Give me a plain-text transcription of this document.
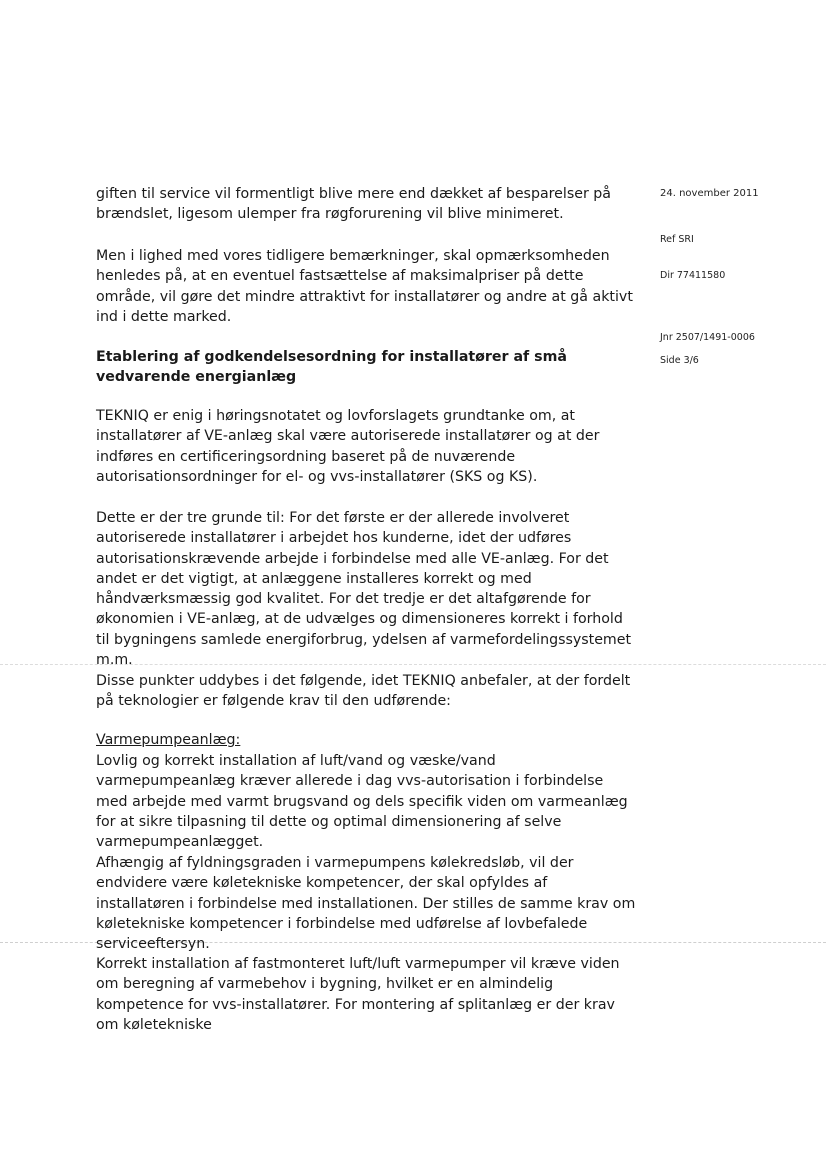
giften til service vil formentligt blive mere end dækket af besparelser på brændslet, ligesom ulemper fra røgforurening vil blive minimeret.

Men i lighed med vores tidligere bemærkninger, skal opmærksomheden henledes på, at en eventuel fastsættelse af maksimalpriser på dette område, vil gøre det mindre attraktivt for installatører og andre at gå aktivt ind i dette marked.

Etablering af godkendelsesordning for installatører af små vedvarende energianlæg

TEKNIQ er enig i høringsnotatet og lovforslagets grundtanke om, at installatører af VE-anlæg skal være autoriserede installatører og at der indføres en certificeringsordning baseret på de nuværende autorisationsordninger for el- og vvs-installatører (SKS og KS).

Dette er der tre grunde til: For det første er der allerede involveret autoriserede installatører i arbejdet hos kunderne, idet der udføres autorisationskrævende arbejde i forbindelse med alle VE-anlæg. For det andet er det vigtigt, at anlæggene installeres korrekt og med håndværksmæssig god kvalitet. For det tredje er det altafgørende for økonomien i VE-anlæg, at de udvælges og dimensioneres korrekt i forhold til bygningens samlede energiforbrug, ydelsen af varmefordelingssystemet m.m.

Disse punkter uddybes i det følgende, idet TEKNIQ anbefaler, at der fordelt på teknologier er følgende krav til den udførende:

Varmepumpeanlæg:

Lovlig og korrekt installation af luft/vand og væske/vand varmepumpeanlæg kræver allerede i dag vvs-autorisation i forbindelse med arbejde med varmt brugsvand og dels specifik viden om varmeanlæg for at sikre tilpasning til dette og optimal dimensionering af selve varmepumpeanlægget.

Afhængig af fyldningsgraden i varmepumpens kølekredsløb, vil der endvidere være køletekniske kompetencer, der skal opfyldes af installatøren i forbindelse med installationen. Der stilles de samme krav om køletekniske kompetencer i forbindelse med udførelse af lovbefalede serviceeftersyn.

Korrekt installation af fastmonteret luft/luft varmepumper vil kræve viden om beregning af varmebehov i bygning, hvilket er en almindelig kompetence for vvs-installatører. For montering af splitanlæg er der krav om køletekniske

24. november 2011
Ref SRI
Dir 77411580
Jnr 2507/1491-0006
Side 3/6
